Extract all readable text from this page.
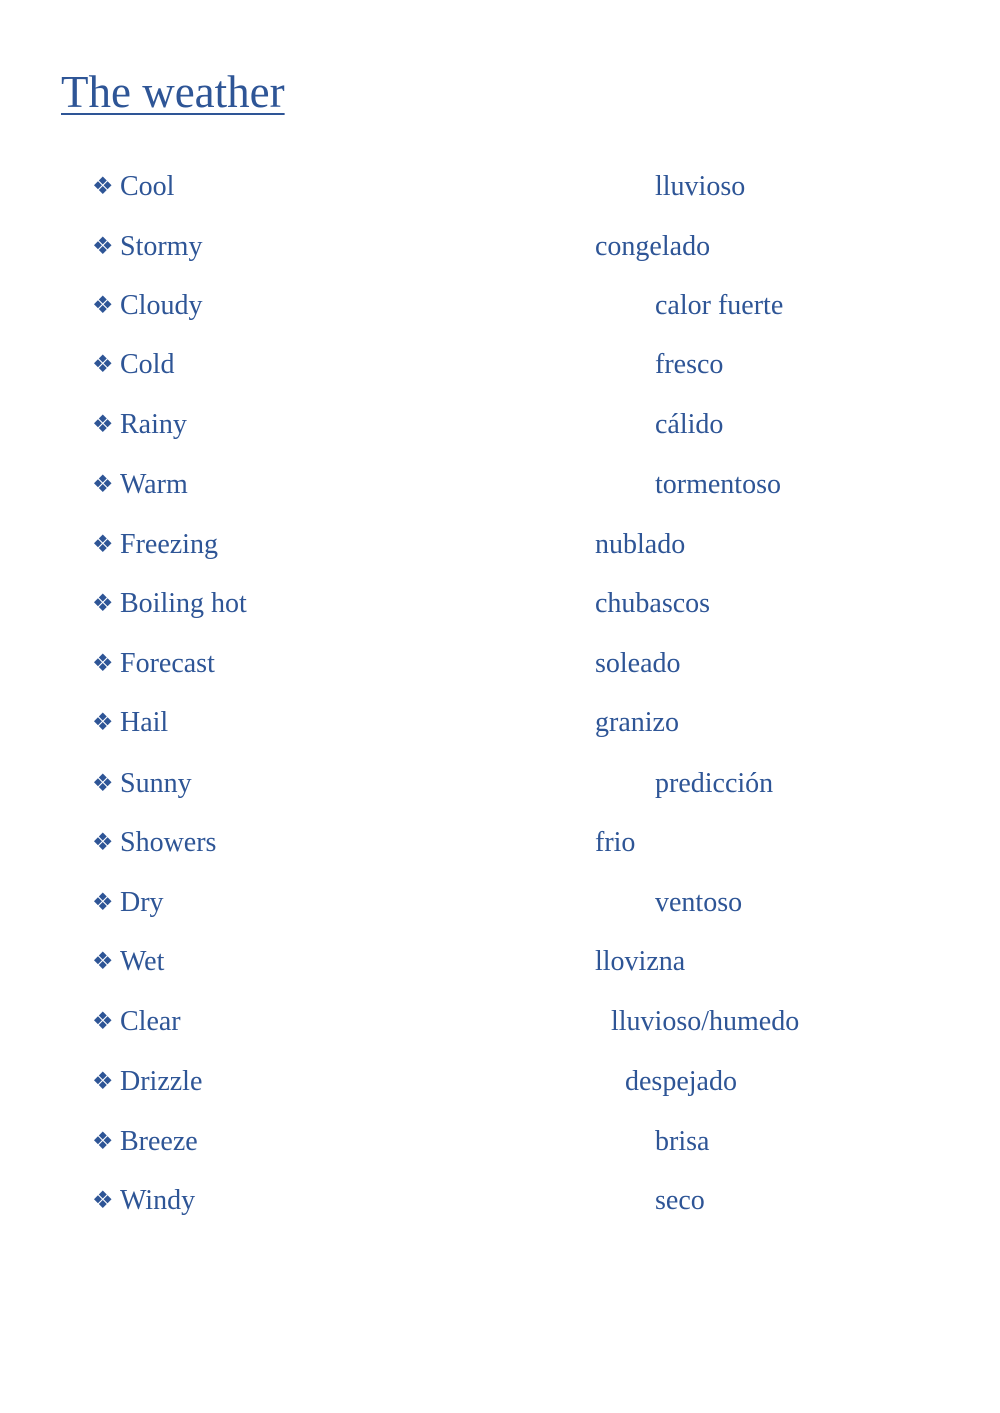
The weather
❖ Cool	lluvioso
❖ Stormy	congelado
❖ Cloudy	calor fuerte
❖ Cold	fresco
❖ Rainy	cálido
❖ Warm	tormentoso
❖ Freezing	nublado
❖ Boiling hot	chubascos
❖ Forecast	soleado
❖ Hail	granizo
❖ Sunny	predicción
❖ Showers	frio
❖ Dry	ventoso
❖ Wet	llovizna
❖ Clear	lluvioso/humedo
❖ Drizzle	despejado
❖ Breeze	brisa
❖ Windy	seco
